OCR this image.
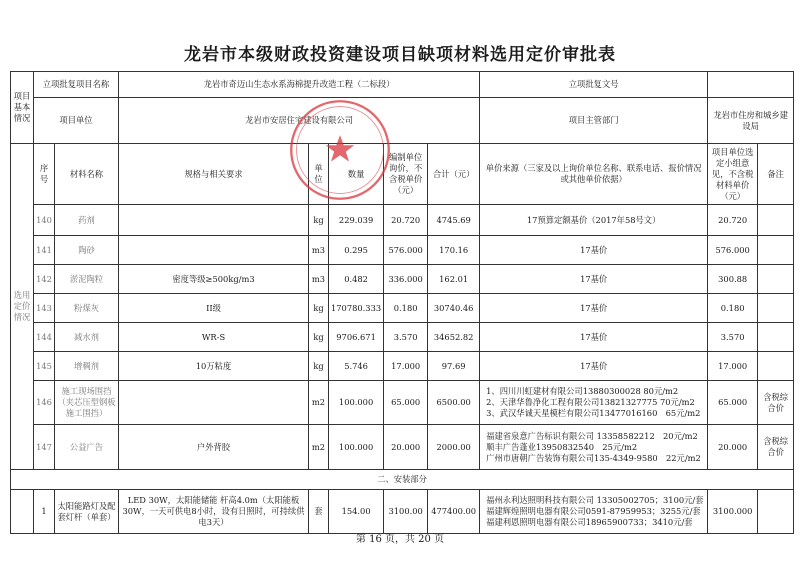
龙岩市本级财政投资建设项目缺项材料选用定价审批表
项目基本情况	立项批复项目名称		龙岩市奇迈山生态水系海棉提升改造工程（二标段）					立项批复文号		
	项目单位		龙岩市安居住宅建设有限公司					项目主管部门	龙岩市住房和城乡建设局	
选用定价情况	序号	材料名称	规格与相关要求	单位	数量	编制单位询价，不含税单价（元）	合计（元）	单价来源（三家及以上询价单位名称、联系电话、报价情况或其他单价依据）	项目单位选定小组意见，不含税材料单价（元）	备注
	140	药剂		kg	229.039	20.720	4745.69	17预算定额基价（2017年58号文）	20.720	
	141	陶砂		m3	0.295	576.000	170.16	17基价	576.000	
	142	淤泥陶粒	密度等级≥500kg/m3	m3	0.482	336.000	162.01	17基价	300.88	
	143	粉煤灰	II级	kg	170780.333	0.180	30740.46	17基价	0.180	
	144	减水剂	WR-S	kg	9706.671	3.570	34652.82	17基价	3.570	
	145	增稠剂	10万粘度	kg	5.746	17.000	97.69	17基价	17.000	
	146	施工现场围挡（夹芯压型钢板施工围挡）		m2	100.000	65.000	6500.00	1、四川川虹建材有限公司13880300028 80元/m2
2、天津华鲁净化工程有限公司13821327775 70元/m2
3、武汉华诚天星模栏有限公司13477016160　65元/m2	65.000	含税综合价
	147	公益广告	户外背胶	m2	100.000	20.000	2000.00	福建省泉意广告标识有限公司 13358582212　20元/m2
顺丰广告蓬业13950832540　25元/m2
广州市唐朝广告装饰有限公司135-4349-9580　22元/m2	20.000	含税综合价
二、安装部分										
	1	太阳能路灯及配套灯杆（单套）	LED 30W，太阳能储能 杆高4.0m（太阳能板30W，一天可供电8小时，设有日照时，可持续供电3天）	套	154.00	3100.00	477400.00	福州永利达照明科技有限公司 13305002705；3100元/套
福建辉煌照明电器有限公司0591-87959953；3255元/套
福建利恩照明电器有限公司18965900733；3410元/套	3100.000	
第 16 页，共 20 页
